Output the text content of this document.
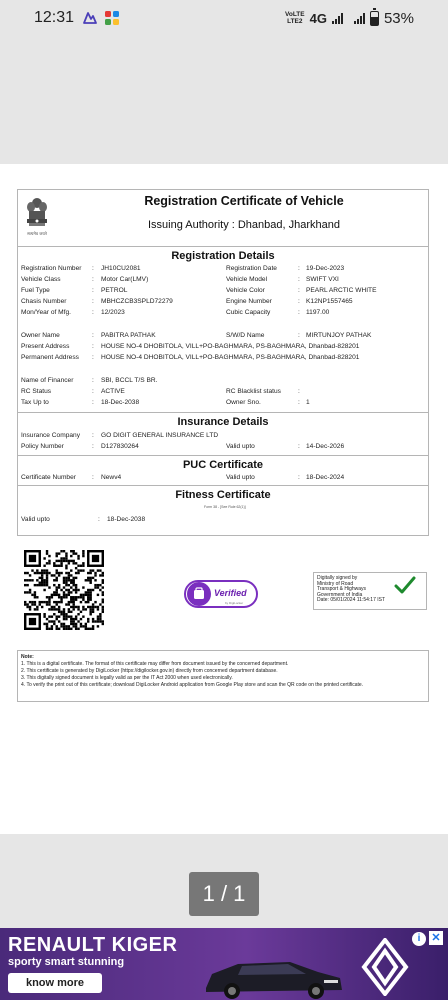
12:31	VoLTE
LTE2 4G	53%
सत्यमेव जयते
Registration Certificate of Vehicle
Issuing Authority : Dhanbad, Jharkhand
Registration Details
Registration Number : JH10CU2081	Registration Date	: 19-Dec-2023
Vehicle Class	: Motor Car(LMV)	Vehicle Model	: SWIFT VXI
Fuel Type	: PETROL	Vehicle Color	: PEARL ARCTIC WHITE
Chasis Number	: MBHCZCB3SPLD72279	Engine Number	: K12NP1557465
Mon/Year of Mfg.	: 12/2023	Cubic Capacity	: 1197.00
Owner Name	: PABITRA PATHAK	S/W/D Name	: MIRTUNJOY PATHAK
Present Address	: HOUSE NO-4 DHOBITOLA, VILL+PO-BAGHMARA, PS-BAGHMARA, Dhanbad-828201
Permanent Address : HOUSE NO-4 DHOBITOLA, VILL+PO-BAGHMARA, PS-BAGHMARA, Dhanbad-828201
Name of Financer	: SBI, BCCL T/S BR.
RC Status	: ACTIVE	RC Blacklist status	:
Tax Up to	: 18-Dec-2038	Owner Sno.	: 1
Insurance Details
Insurance Company : GO DIGIT GENERAL INSURANCE LTD
Policy Number	: D127830264	Valid upto	: 14-Dec-2026
PUC Certificate
Certificate Number : Newv4	Valid upto	: 18-Dec-2024
Fitness Certificate
Form 38 - [See Rule 62(1)]
Valid upto	: 18-Dec-2038
Verified
by DigiLocker
Digitally signed by
Ministry of Road
Transport & Highways
Government of India
Date: 05/01/2024 11:54:17 IST
Note:
1. This is a digital certificate. The format of this certificate may differ from document issued by the concerned department.
2. This certificate is generated by DigiLocker (https://digilocker.gov.in) directly from concerned department database.
3. This digitally signed document is legally valid as per the IT Act 2000 when used electronically.
4. To verify the print out of this certificate; download DigiLocker Android application from Google Play store and scan the QR code on the printed certificate.
1 / 1
RENAULT KIGER
sporty smart stunning
know more
i	✕
